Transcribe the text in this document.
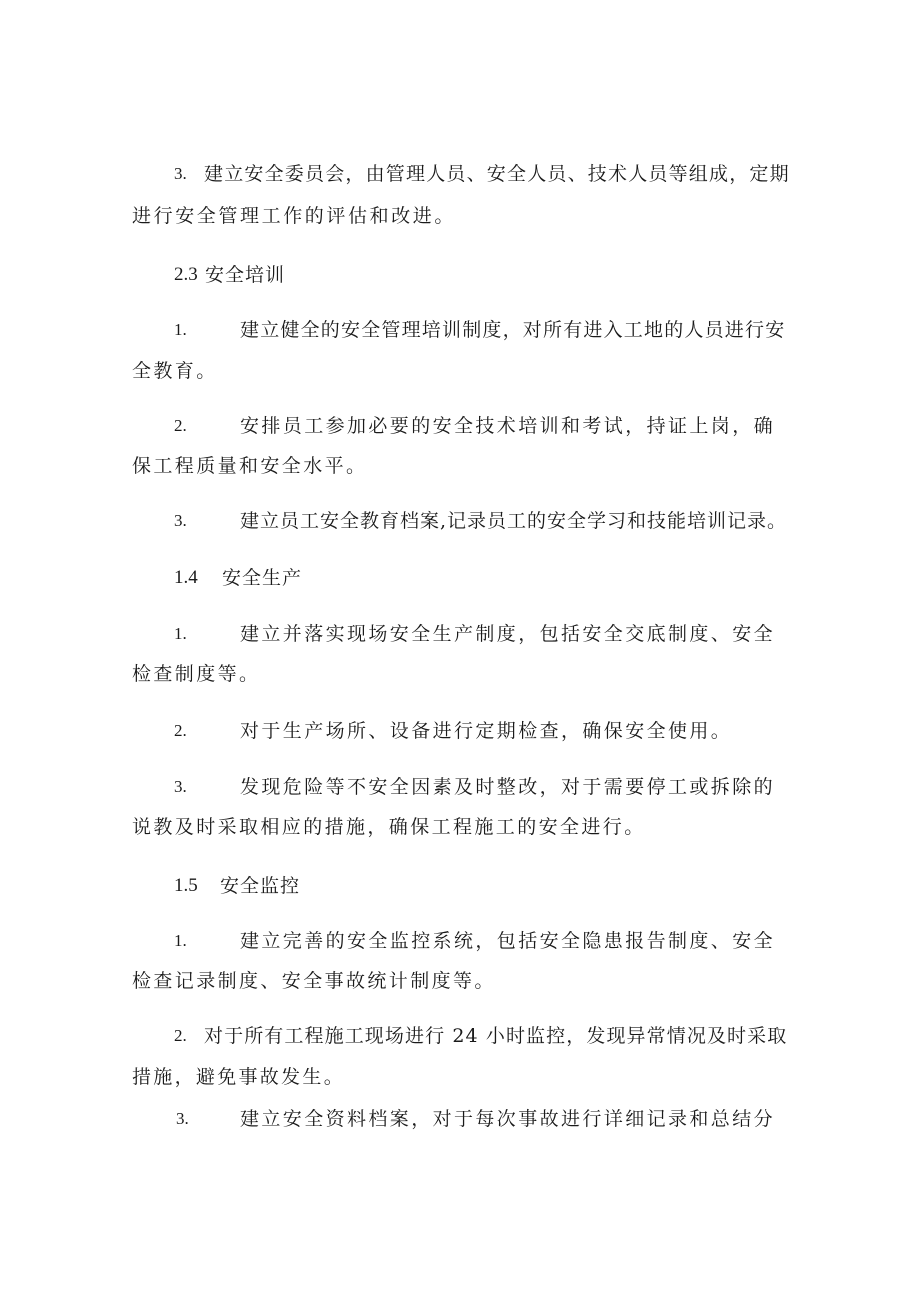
3. 建立安全委员会，由管理人员、安全人员、技术人员等组成，定期
进行安全管理工作的评估和改进。
2.3 安全培训
1.	建立健全的安全管理培训制度，对所有进入工地的人员进行安
全教育。
2.	安排员工参加必要的安全技术培训和考试，持证上岗，确
保工程质量和安全水平。
3.	建立员工安全教育档案,记录员工的安全学习和技能培训记录。
1.4 安全生产
1.	建立并落实现场安全生产制度，包括安全交底制度、安全
检查制度等。
2.	对于生产场所、设备进行定期检查，确保安全使用。
3.	发现危险等不安全因素及时整改，对于需要停工或拆除的
说教及时采取相应的措施，确保工程施工的安全进行。
1.5 安全监控
1.	建立完善的安全监控系统，包括安全隐患报告制度、安全
检查记录制度、安全事故统计制度等。
2. 对于所有工程施工现场进行 24 小时监控，发现异常情况及时采取
措施，避免事故发生。
3.	建立安全资料档案，对于每次事故进行详细记录和总结分
